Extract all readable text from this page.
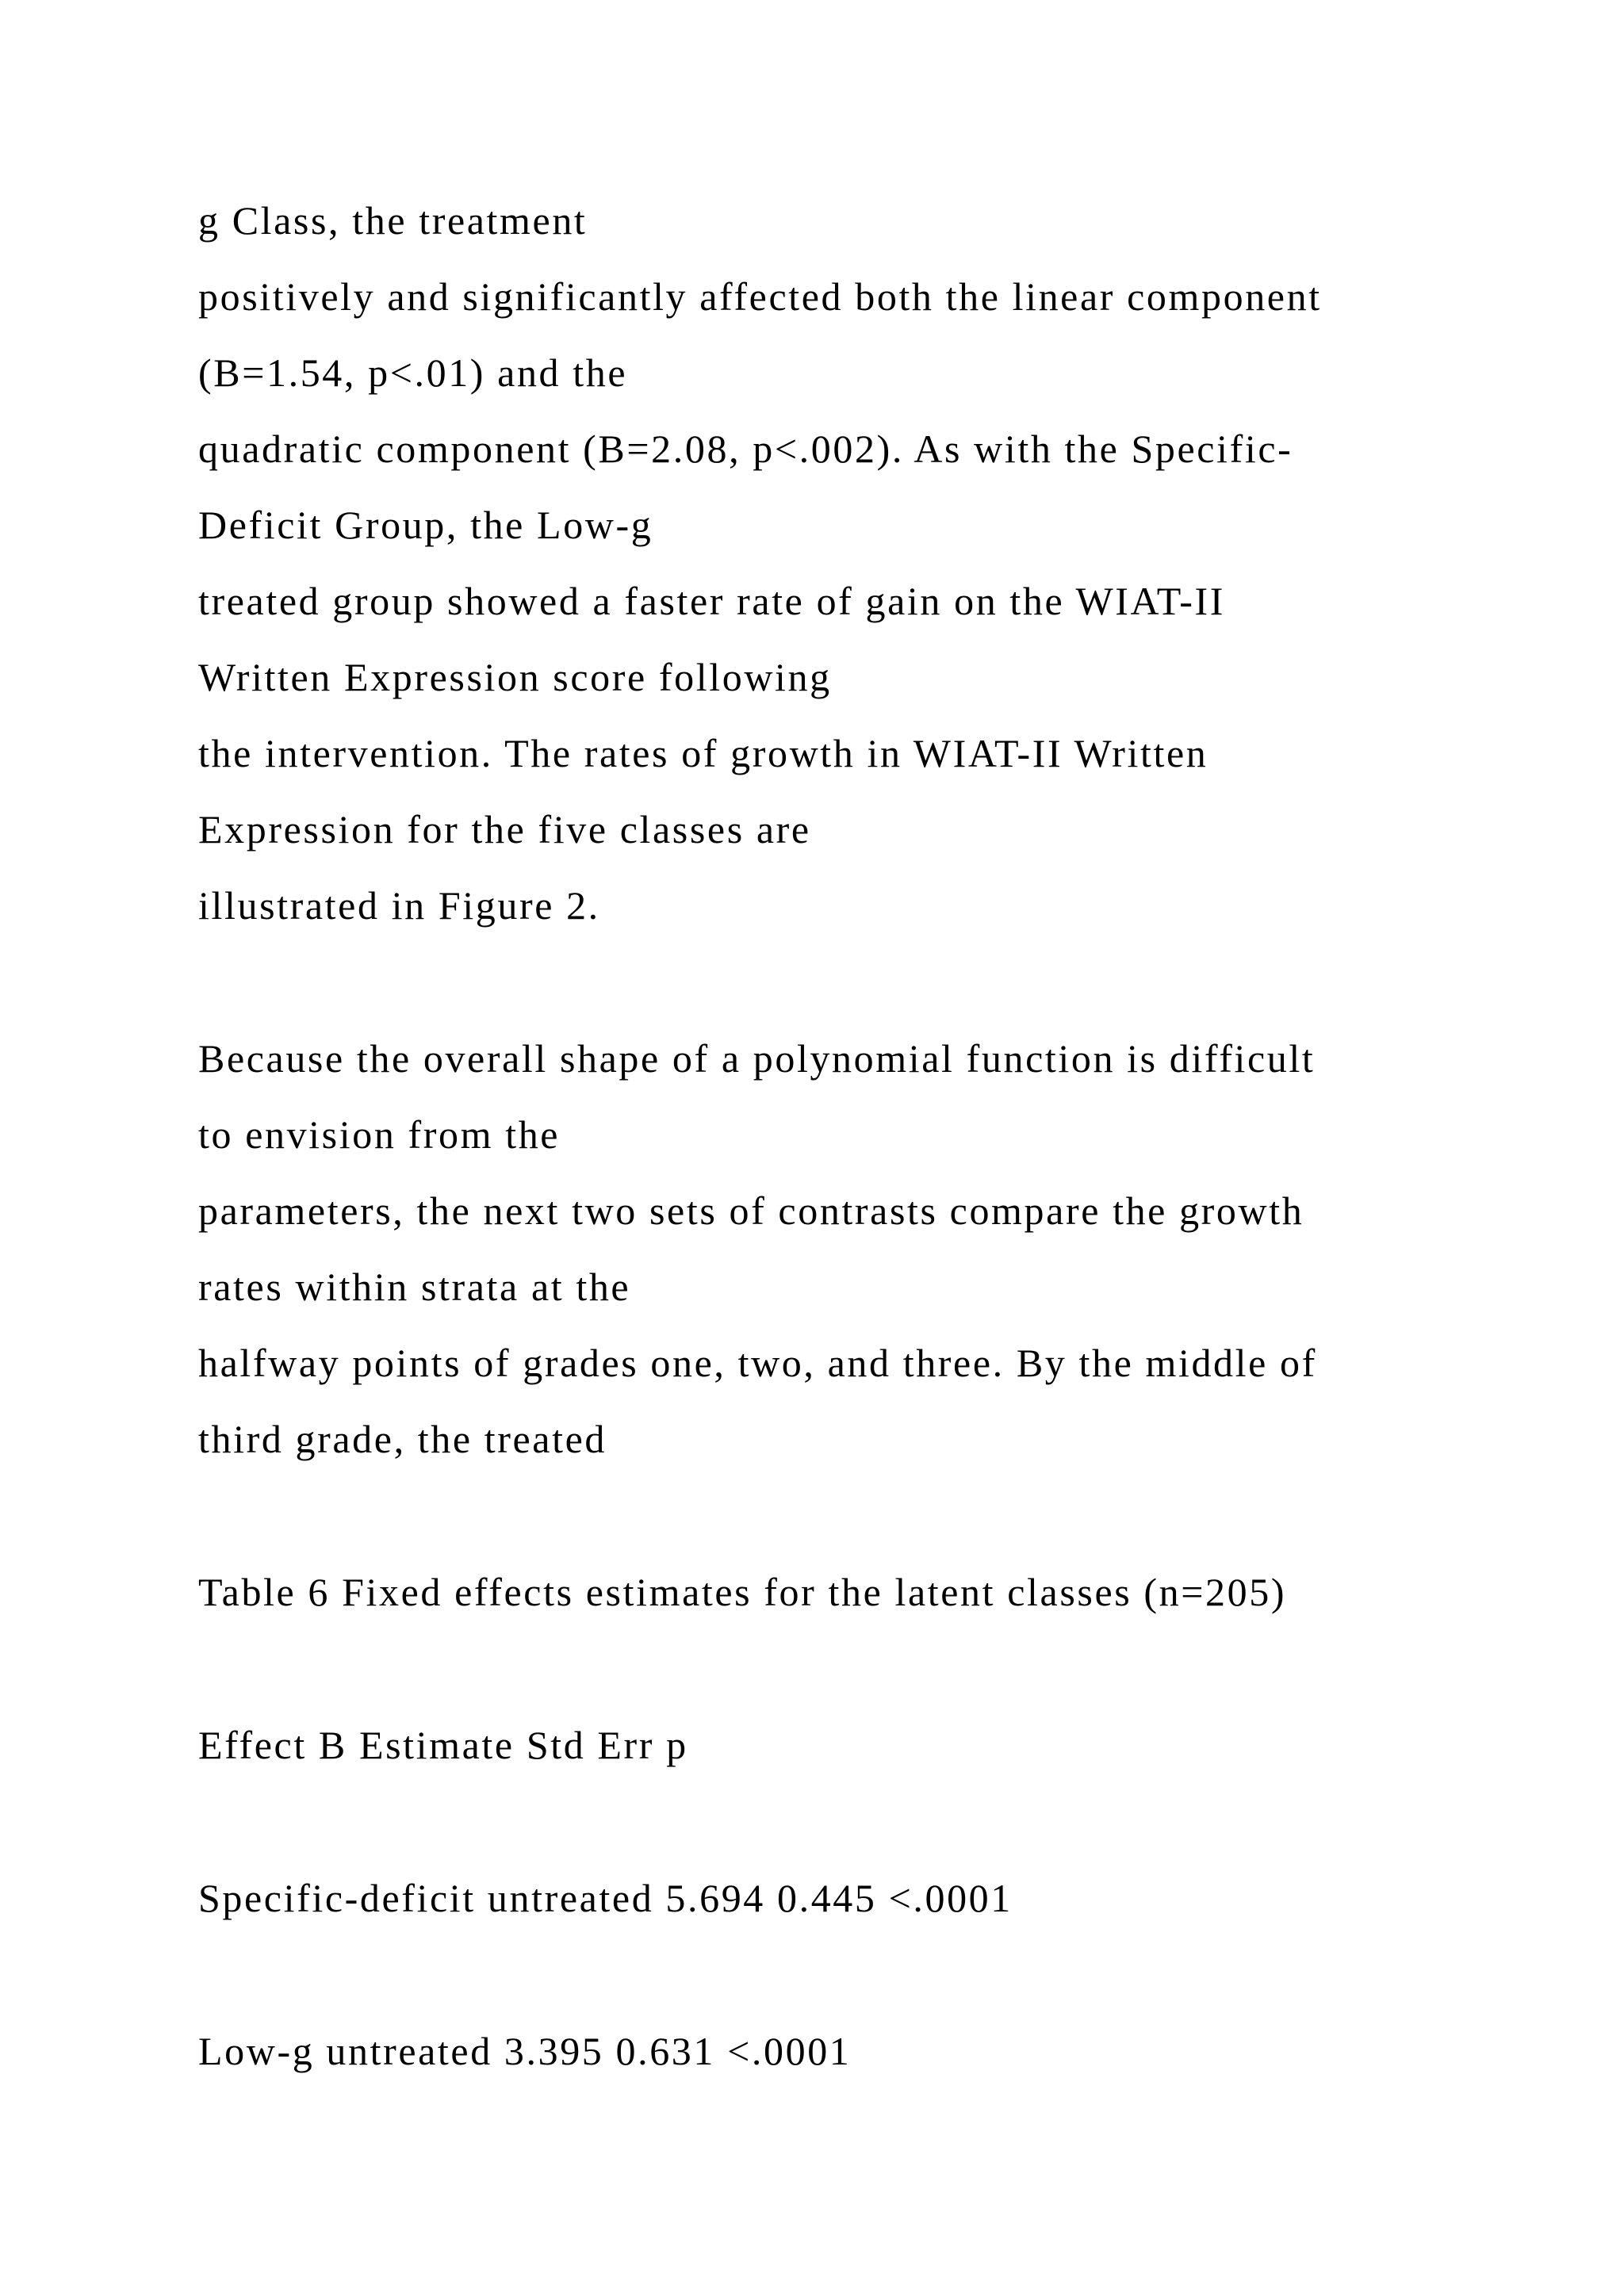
g Class, the treatment
positively and significantly affected both the linear component
(B=1.54, p<.01) and the
quadratic component (B=2.08, p<.002). As with the Specific-
Deficit Group, the Low-g
treated group showed a faster rate of gain on the WIAT-II
Written Expression score following
the intervention. The rates of growth in WIAT-II Written
Expression for the five classes are
illustrated in Figure 2.
Because the overall shape of a polynomial function is difficult
to envision from the
parameters, the next two sets of contrasts compare the growth
rates within strata at the
halfway points of grades one, two, and three. By the middle of
third grade, the treated
Table 6 Fixed effects estimates for the latent classes (n=205)
Effect B Estimate Std Err p
Specific-deficit untreated 5.694 0.445 <.0001
Low-g untreated 3.395 0.631 <.0001
